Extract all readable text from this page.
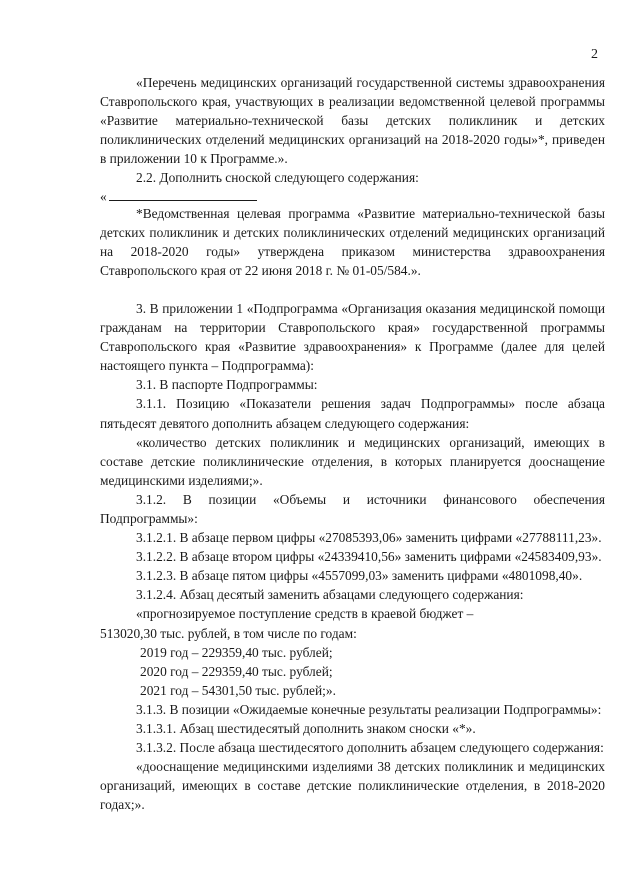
2

«Перечень медицинских организаций государственной системы здравоохранения Ставропольского края, участвующих в реализации ведомственной целевой программы «Развитие материально-технической базы детских поликлиник и детских поликлинических отделений медицинских организаций на 2018-2020 годы»*, приведен в приложении 10 к Программе.».

2.2. Дополнить сноской следующего содержания:

«

*Ведомственная целевая программа «Развитие материально-технической базы детских поликлиник и детских поликлинических отделений медицинских организаций на 2018-2020 годы» утверждена приказом министерства здравоохранения Ставропольского края от 22 июня 2018 г. № 01-05/584.».

3. В приложении 1 «Подпрограмма «Организация оказания медицинской помощи гражданам на территории Ставропольского края» государственной программы Ставропольского края «Развитие здравоохранения» к Программе (далее для целей настоящего пункта – Подпрограмма):

3.1. В паспорте Подпрограммы:

3.1.1. Позицию «Показатели решения задач Подпрограммы» после абзаца пятьдесят девятого дополнить абзацем следующего содержания:

«количество детских поликлиник и медицинских организаций, имеющих в составе детские поликлинические отделения, в которых планируется дооснащение медицинскими изделиями;».

3.1.2. В позиции «Объемы и источники финансового обеспечения Подпрограммы»:

3.1.2.1. В абзаце первом цифры «27085393,06» заменить цифрами «27788111,23».

3.1.2.2. В абзаце втором цифры «24339410,56» заменить цифрами «24583409,93».

3.1.2.3. В абзаце пятом цифры «4557099,03» заменить цифрами «4801098,40».

3.1.2.4. Абзац десятый заменить абзацами следующего содержания:

«прогнозируемое поступление средств в краевой бюджет –

513020,30 тыс. рублей, в том числе по годам:

2019 год – 229359,40 тыс. рублей;

2020 год – 229359,40 тыс. рублей;

2021 год – 54301,50 тыс. рублей;».

3.1.3. В позиции «Ожидаемые конечные результаты реализации Подпрограммы»:

3.1.3.1. Абзац шестидесятый дополнить знаком сноски «*».

3.1.3.2. После абзаца шестидесятого дополнить абзацем следующего содержания:

«дооснащение медицинскими изделиями 38 детских поликлиник и медицинских организаций, имеющих в составе детские поликлинические отделения, в 2018-2020 годах;».
